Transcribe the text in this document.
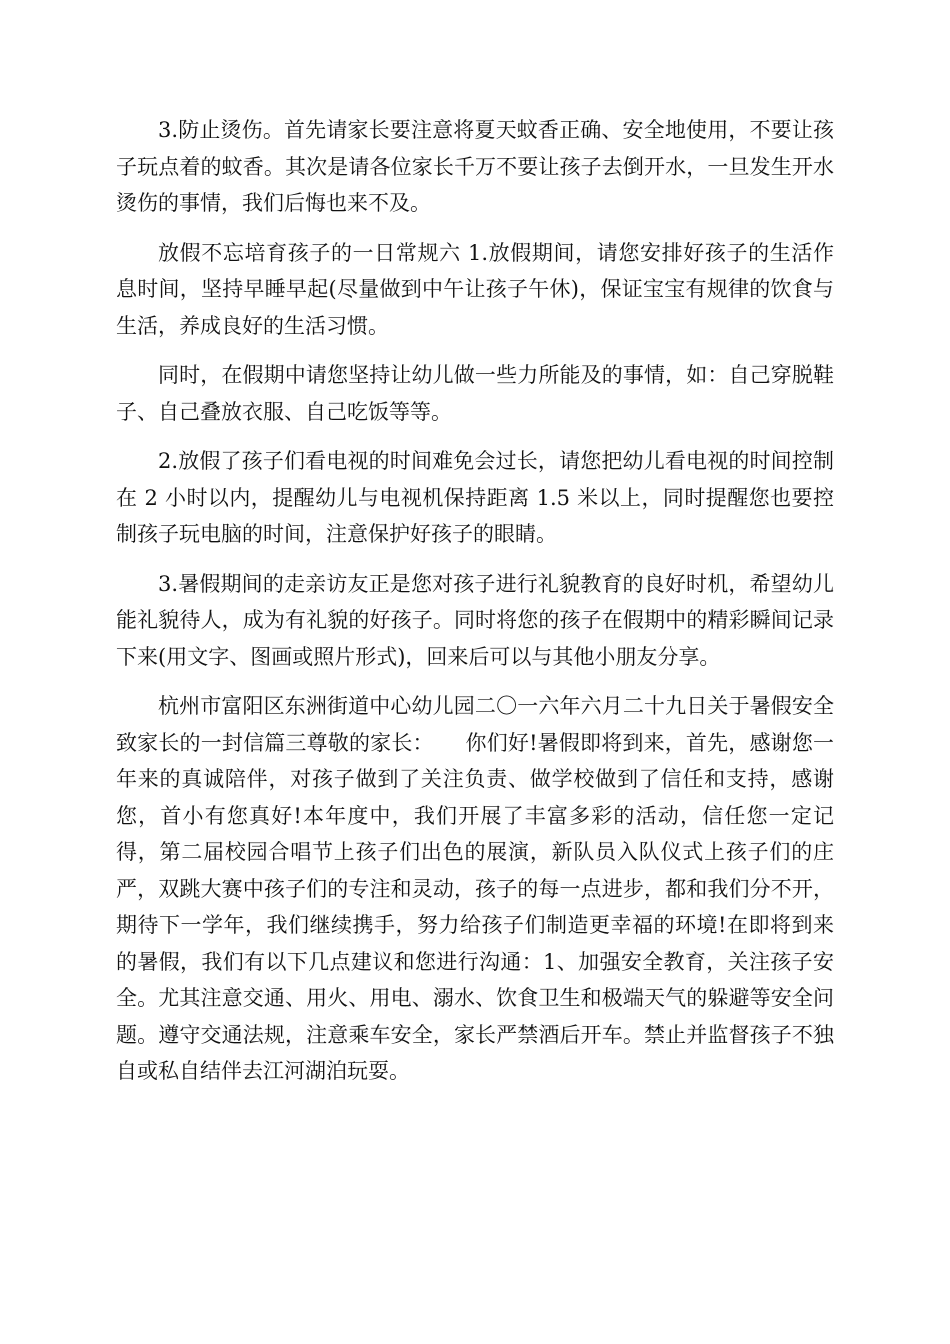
3.防止烫伤。首先请家长要注意将夏天蚊香正确、安全地使用，不要让孩子玩点着的蚊香。其次是请各位家长千万不要让孩子去倒开水，一旦发生开水烫伤的事情，我们后悔也来不及。

放假不忘培育孩子的一日常规六 1.放假期间，请您安排好孩子的生活作息时间，坚持早睡早起(尽量做到中午让孩子午休)，保证宝宝有规律的饮食与生活，养成良好的生活习惯。

同时，在假期中请您坚持让幼儿做一些力所能及的事情，如：自己穿脱鞋子、自己叠放衣服、自己吃饭等等。

2.放假了孩子们看电视的时间难免会过长，请您把幼儿看电视的时间控制在 2 小时以内，提醒幼儿与电视机保持距离 1.5 米以上，同时提醒您也要控制孩子玩电脑的时间，注意保护好孩子的眼睛。

3.暑假期间的走亲访友正是您对孩子进行礼貌教育的良好时机，希望幼儿能礼貌待人，成为有礼貌的好孩子。同时将您的孩子在假期中的精彩瞬间记录下来(用文字、图画或照片形式)，回来后可以与其他小朋友分享。

杭州市富阳区东洲街道中心幼儿园二〇一六年六月二十九日关于暑假安全致家长的一封信篇三尊敬的家长：　　你们好!暑假即将到来，首先，感谢您一年来的真诚陪伴，对孩子做到了关注负责、做学校做到了信任和支持，感谢您，首小有您真好!本年度中，我们开展了丰富多彩的活动，信任您一定记得，第二届校园合唱节上孩子们出色的展演，新队员入队仪式上孩子们的庄严，双跳大赛中孩子们的专注和灵动，孩子的每一点进步，都和我们分不开，期待下一学年，我们继续携手，努力给孩子们制造更幸福的环境!在即将到来的暑假，我们有以下几点建议和您进行沟通：1、加强安全教育，关注孩子安全。尤其注意交通、用火、用电、溺水、饮食卫生和极端天气的躲避等安全问题。遵守交通法规，注意乘车安全，家长严禁酒后开车。禁止并监督孩子不独自或私自结伴去江河湖泊玩耍。
